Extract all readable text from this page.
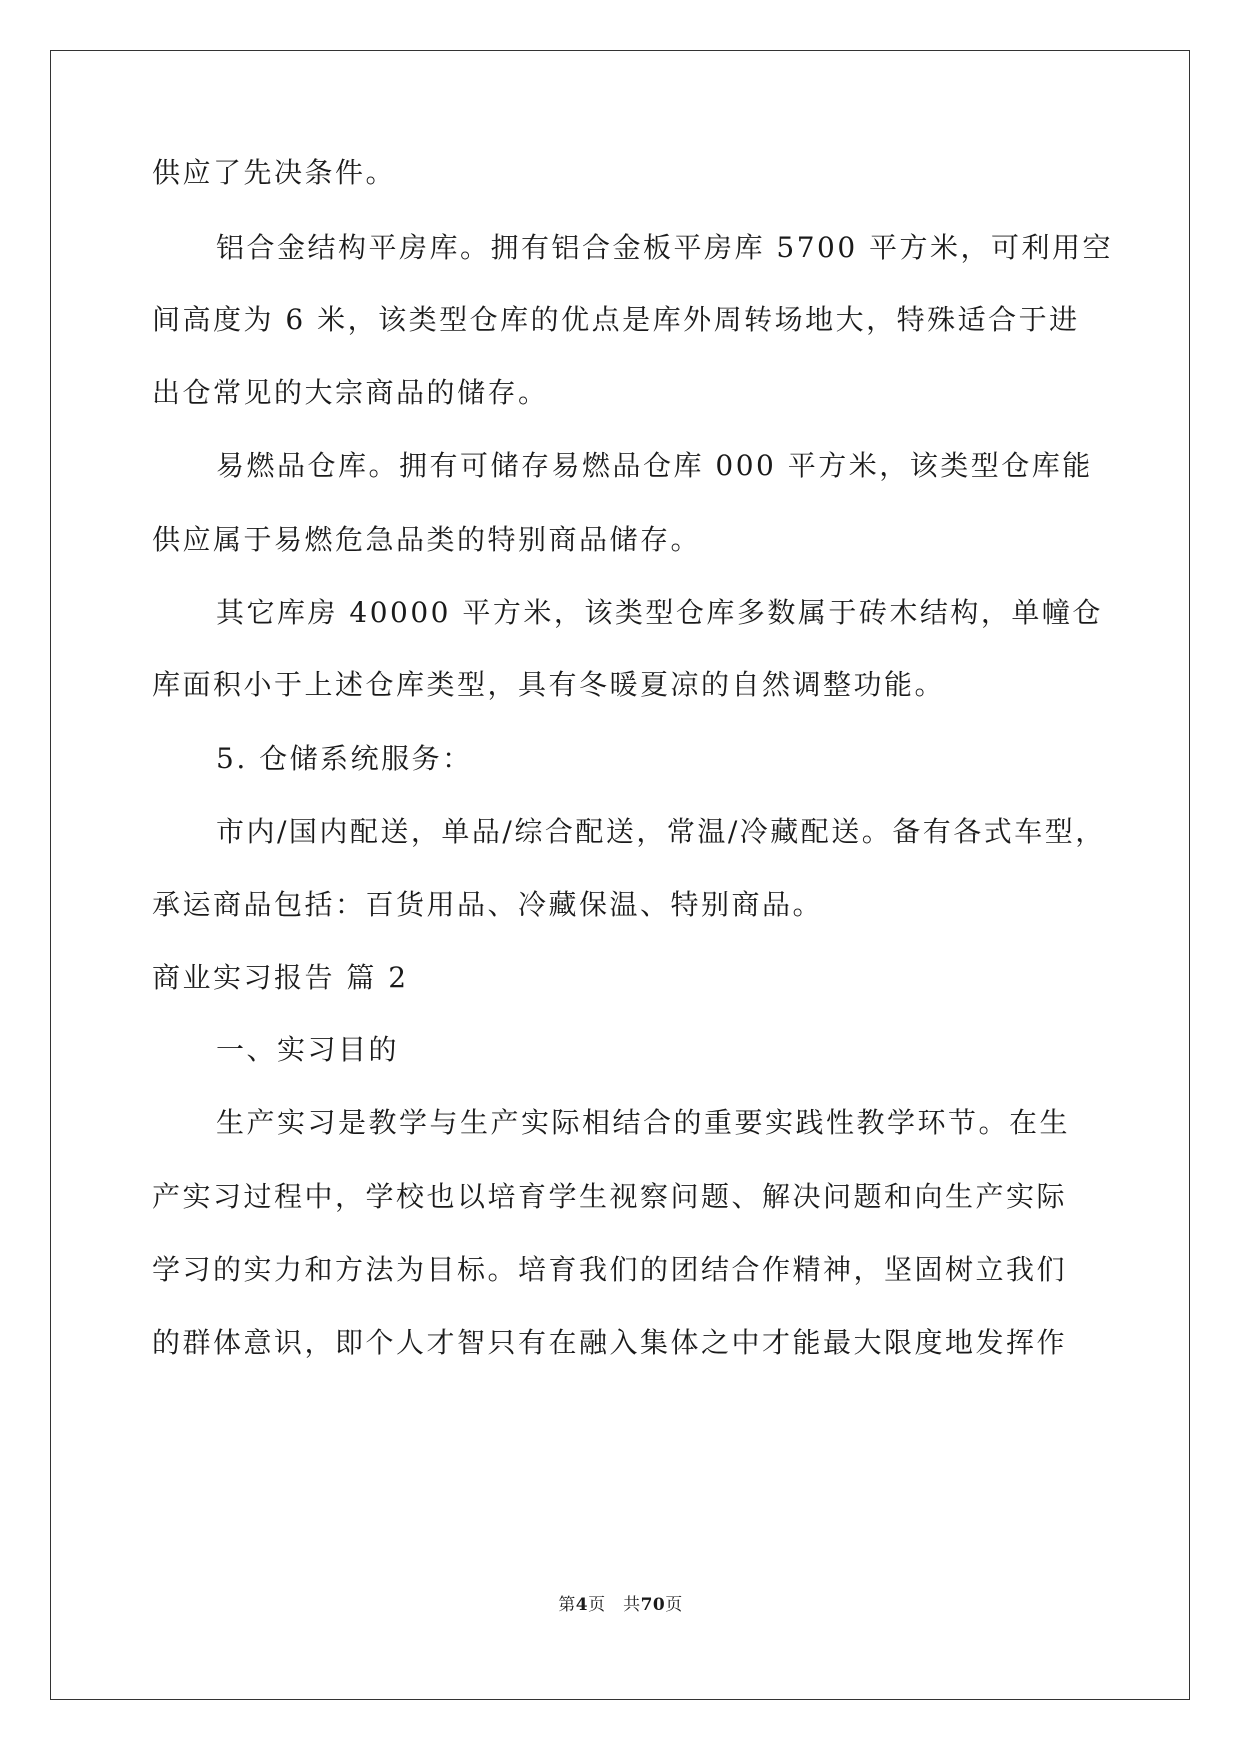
供应了先决条件。
铝合金结构平房库。拥有铝合金板平房库 5700 平方米，可利用空
间高度为 6 米，该类型仓库的优点是库外周转场地大，特殊适合于进
出仓常见的大宗商品的储存。
易燃品仓库。拥有可储存易燃品仓库 000 平方米，该类型仓库能
供应属于易燃危急品类的特别商品储存。
其它库房 40000 平方米，该类型仓库多数属于砖木结构，单幢仓
库面积小于上述仓库类型，具有冬暖夏凉的自然调整功能。
5. 仓储系统服务：
市内/国内配送，单品/综合配送，常温/冷藏配送。备有各式车型，
承运商品包括：百货用品、冷藏保温、特别商品。
商业实习报告 篇 2
一、实习目的
生产实习是教学与生产实际相结合的重要实践性教学环节。在生
产实习过程中，学校也以培育学生视察问题、解决问题和向生产实际
学习的实力和方法为目标。培育我们的团结合作精神，坚固树立我们
的群体意识，即个人才智只有在融入集体之中才能最大限度地发挥作
第4页　共70页
